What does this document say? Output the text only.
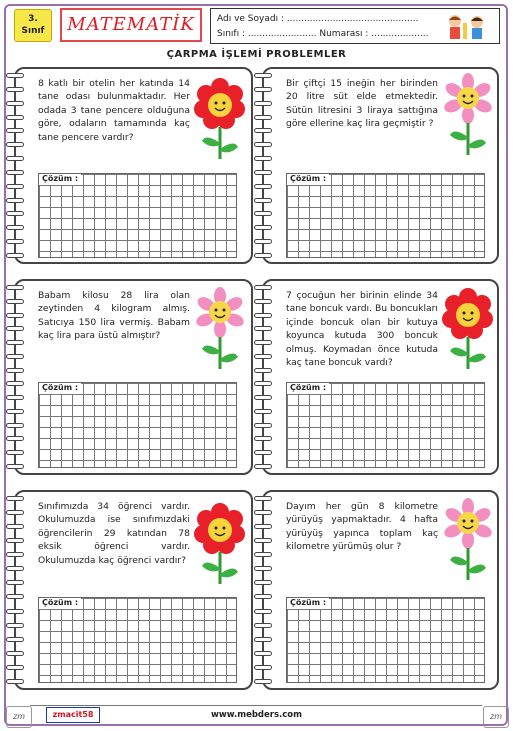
3.
Sınıf	MATEMATİK	Adı ve Soyadı : ..............................................
Sınıfı : ........................ Numarası : ....................
ÇARPMA İŞLEMİ PROBLEMLER
8 katlı bir otelin her katında 14 tane odası bulunmaktadır. Her odada 3 tane pencere olduğuna göre, odaların tamamında kaç tane pencere vardır?
Çözüm :
Bir çiftçi 15 ineğin her birinden 20 litre süt elde etmektedir. Sütün litresini 3 liraya sattığına göre ellerine kaç lira geçmiştir ?
Çözüm :
Babam kilosu 28 lira olan zeytinden 4 kilogram almış. Satıcıya 150 lira vermiş. Babam kaç lira para üstü almıştır?
Çözüm :
7 çocuğun her birinin elinde 34 tane boncuk vardı. Bu boncukları içinde boncuk olan bir kutuya koyunca kutuda 300 boncuk olmuş. Koymadan önce kutuda kaç tane boncuk vardı?
Çözüm :
Sınıfımızda 34 öğrenci vardır. Okulumuzda ise sınıfımızdaki öğrencilerin 29 katından 78 eksik öğrenci vardır. Okulumuzda kaç öğrenci vardır?
Çözüm :
Dayım her gün 8 kilometre yürüyüş yapmaktadır. 4 hafta yürüyüş yapınca toplam kaç kilometre yürümüş olur ?
Çözüm :
zm	zmacit58	www.mebders.com	zm
